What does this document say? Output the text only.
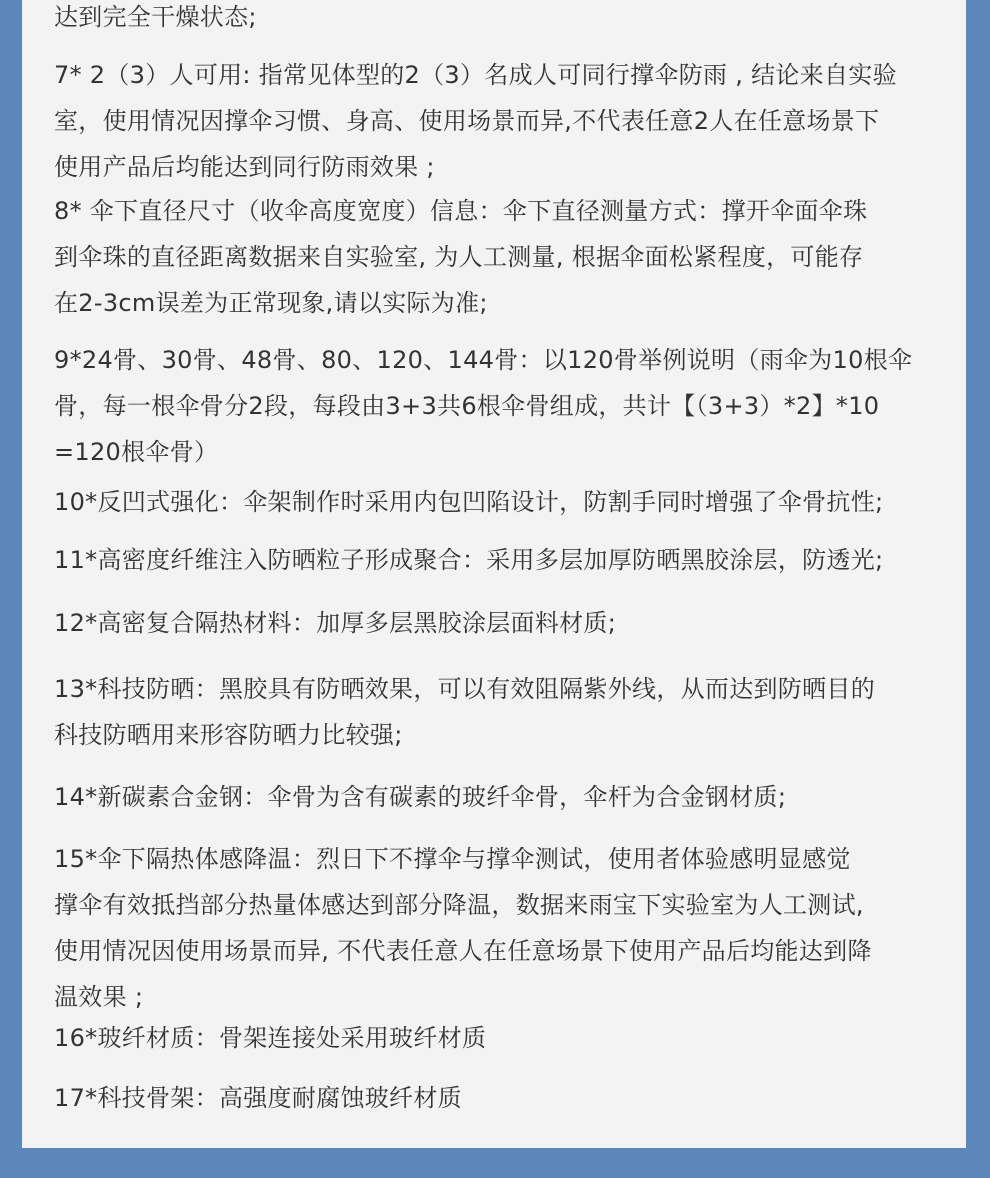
达到完全干燥状态;
7* 2（3）人可用: 指常见体型的2（3）名成人可同行撑伞防雨 , 结论来自实验
室，使用情况因撑伞习惯、身高、使用场景而异,不代表任意2人在任意场景下
使用产品后均能达到同行防雨效果 ;
8* 伞下直径尺寸（收伞高度宽度）信息：伞下直径测量方式：撑开伞面伞珠
到伞珠的直径距离数据来自实验室, 为人工测量, 根据伞面松紧程度，可能存
在2-3cm误差为正常现象,请以实际为准;
9*24骨、30骨、48骨、80、120、144骨：以120骨举例说明（雨伞为10根伞
骨，每一根伞骨分2段，每段由3+3共6根伞骨组成，共计【（3+3）*2】*10
=120根伞骨）
10*反凹式强化：伞架制作时采用内包凹陷设计，防割手同时增强了伞骨抗性;
11*高密度纤维注入防晒粒子形成聚合：采用多层加厚防晒黑胶涂层，防透光;
12*高密复合隔热材料：加厚多层黑胶涂层面料材质;
13*科技防晒：黑胶具有防晒效果，可以有效阻隔紫外线，从而达到防晒目的
科技防晒用来形容防晒力比较强;
14*新碳素合金钢：伞骨为含有碳素的玻纤伞骨，伞杆为合金钢材质;
15*伞下隔热体感降温：烈日下不撑伞与撑伞测试，使用者体验感明显感觉
撑伞有效抵挡部分热量体感达到部分降温，数据来雨宝下实验室为人工测试,
使用情况因使用场景而异, 不代表任意人在任意场景下使用产品后均能达到降
温效果 ;
16*玻纤材质：骨架连接处采用玻纤材质
17*科技骨架：高强度耐腐蚀玻纤材质
